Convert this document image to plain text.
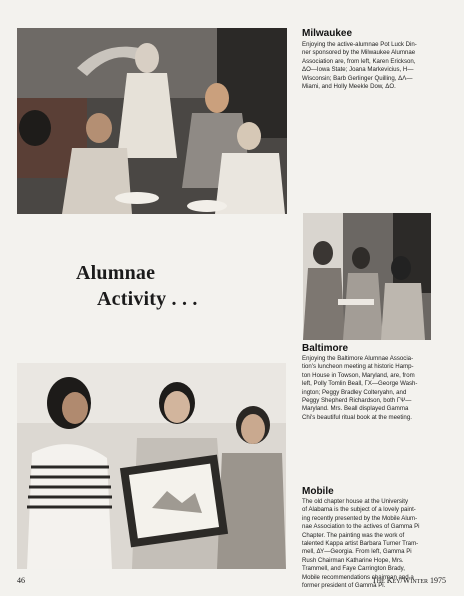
Milwaukee
Enjoying the active-alumnae Pot Luck Din-
ner sponsored by the Milwaukee Alumnae
Association are, from left, Karen Erickson,
ΔO—Iowa State; Joana Markevicius, H—
Wisconsin; Barb Gerlinger Quilling, ΔΛ—
Miami, and Holly Meekle Dow, ΔO.
Alumnae
Activity . . .
Baltimore
Enjoying the Baltimore Alumnae Associa-
tion's luncheon meeting at historic Hamp-
ton House in Towson, Maryland, are, from
left, Polly Tomlin Beall, ΓX—George Wash-
ington; Peggy Bradley Colteryahn, and
Peggy Shepherd Richardson, both ΓΨ—
Maryland. Mrs. Beall displayed Gamma
Chi's beautiful ritual book at the meeting.
Mobile
The old chapter house at the University
of Alabama is the subject of a lovely paint-
ing recently presented by the Mobile Alum-
nae Association to the actives of Gamma Pi
Chapter. The painting was the work of
talented Kappa artist Barbara Turner Tram-
mell, ΔΥ—Georgia. From left, Gamma Pi
Rush Chairman Katharine Hope, Mrs.
Trammell, and Faye Carrington Brady,
Mobile recommendations chairman and a
former president of Gamma Pi.
46	The Key/Winter 1975
